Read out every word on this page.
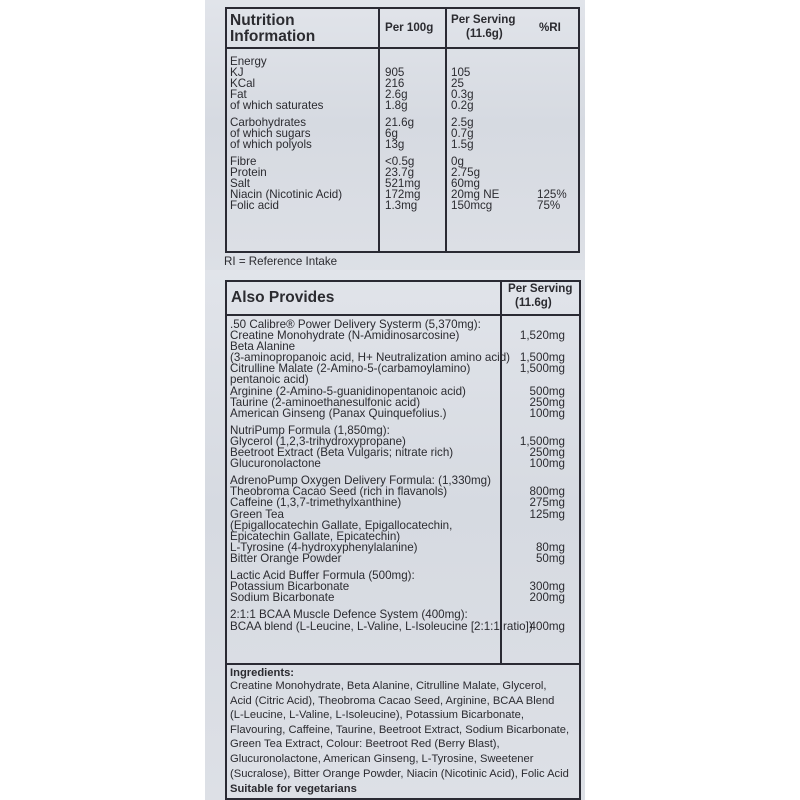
Nutrition
Information
Per 100g
Per Serving
(11.6g)	%RI
Energy
KJ	905	105
KCal	216	25
Fat	2.6g	0.3g
of which saturates	1.8g	0.2g
Carbohydrates	21.6g	2.5g
of which sugars	6g	0.7g
of which polyols	13g	1.5g
Fibre	<0.5g	0g
Protein	23.7g	2.75g
Salt	521mg	60mg
Niacin (Nicotinic Acid)	172mg	20mg NE	125%
Folic acid	1.3mg	150mcg	75%
RI = Reference Intake
Also Provides
Per Serving
(11.6g)
.50 Calibre® Power Delivery Systerm (5,370mg):
Creatine Monohydrate (N-Amidinosarcosine)	1,520mg
Beta Alanine
(3-aminopropanoic acid, H+ Neutralization amino acid) 1,500mg
Citrulline Malate (2-Amino-5-(carbamoylamino)	1,500mg
pentanoic acid)
Arginine (2-Amino-5-guanidinopentanoic acid)	500mg
Taurine (2-aminoethanesulfonic acid)	250mg
American Ginseng (Panax Quinquefolius.)	100mg
NutriPump Formula (1,850mg):
Glycerol (1,2,3-trihydroxypropane)	1,500mg
Beetroot Extract (Beta Vulgaris; nitrate rich)	250mg
Glucuronolactone	100mg
AdrenoPump Oxygen Delivery Formula: (1,330mg)
Theobroma Cacao Seed (rich in flavanols)	800mg
Caffeine (1,3,7-trimethylxanthine)	275mg
Green Tea	125mg
(Epigallocatechin Gallate, Epigallocatechin,
Epicatechin Gallate, Epicatechin)
L-Tyrosine (4-hydroxyphenylalanine)	80mg
Bitter Orange Powder	50mg
Lactic Acid Buffer Formula (500mg):
Potassium Bicarbonate	300mg
Sodium Bicarbonate	200mg
2:1:1 BCAA Muscle Defence System (400mg):
BCAA blend (L-Leucine, L-Valine, L-Isoleucine [2:1:1 ratio])
400mg
Ingredients:
Creatine Monohydrate, Beta Alanine, Citrulline Malate, Glycerol,
Acid (Citric Acid), Theobroma Cacao Seed, Arginine, BCAA Blend
(L-Leucine, L-Valine, L-Isoleucine), Potassium Bicarbonate,
Flavouring, Caffeine, Taurine, Beetroot Extract, Sodium Bicarbonate,
Green Tea Extract, Colour: Beetroot Red (Berry Blast),
Glucuronolactone, American Ginseng, L-Tyrosine, Sweetener
(Sucralose), Bitter Orange Powder, Niacin (Nicotinic Acid), Folic Acid
Suitable for vegetarians
